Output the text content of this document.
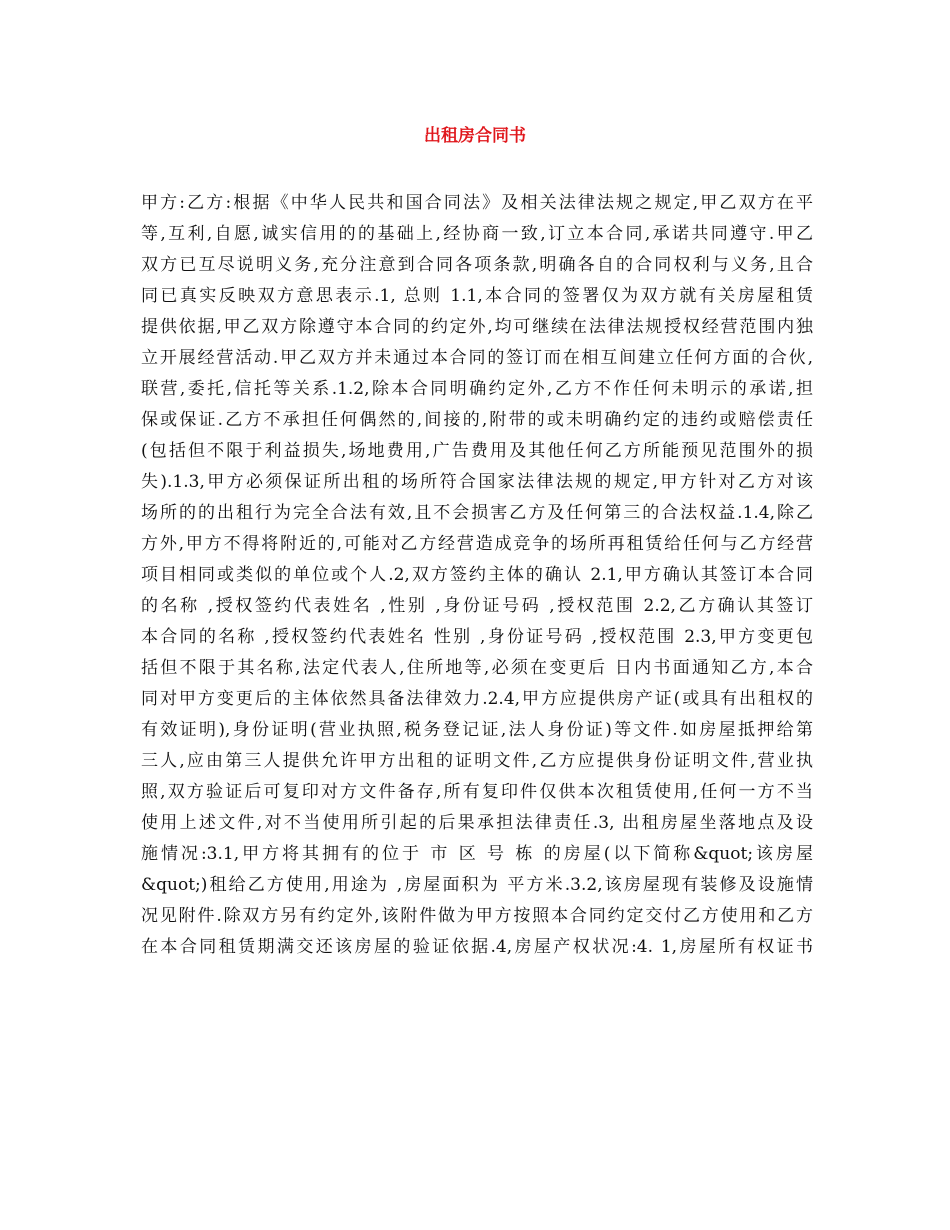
出租房合同书
甲方:乙方:根据《中华人民共和国合同法》及相关法律法规之规定,甲乙双方在平
等,互利,自愿,诚实信用的的基础上,经协商一致,订立本合同,承诺共同遵守.甲乙
双方已互尽说明义务,充分注意到合同各项条款,明确各自的合同权利与义务,且合
同已真实反映双方意思表示.1, 总则 1.1,本合同的签署仅为双方就有关房屋租赁
提供依据,甲乙双方除遵守本合同的约定外,均可继续在法律法规授权经营范围内独
立开展经营活动.甲乙双方并未通过本合同的签订而在相互间建立任何方面的合伙,
联营,委托,信托等关系.1.2,除本合同明确约定外,乙方不作任何未明示的承诺,担
保或保证.乙方不承担任何偶然的,间接的,附带的或未明确约定的违约或赔偿责任
(包括但不限于利益损失,场地费用,广告费用及其他任何乙方所能预见范围外的损
失).1.3,甲方必须保证所出租的场所符合国家法律法规的规定,甲方针对乙方对该
场所的的出租行为完全合法有效,且不会损害乙方及任何第三的合法权益.1.4,除乙
方外,甲方不得将附近的,可能对乙方经营造成竞争的场所再租赁给任何与乙方经营
项目相同或类似的单位或个人.2,双方签约主体的确认 2.1,甲方确认其签订本合同
的名称 ,授权签约代表姓名 ,性别 ,身份证号码 ,授权范围 2.2,乙方确认其签订
本合同的名称 ,授权签约代表姓名 性别 ,身份证号码 ,授权范围 2.3,甲方变更包
括但不限于其名称,法定代表人,住所地等,必须在变更后 日内书面通知乙方,本合
同对甲方变更后的主体依然具备法律效力.2.4,甲方应提供房产证(或具有出租权的
有效证明),身份证明(营业执照,税务登记证,法人身份证)等文件.如房屋抵押给第
三人,应由第三人提供允许甲方出租的证明文件,乙方应提供身份证明文件,营业执
照,双方验证后可复印对方文件备存,所有复印件仅供本次租赁使用,任何一方不当
使用上述文件,对不当使用所引起的后果承担法律责任.3, 出租房屋坐落地点及设
施情况:3.1,甲方将其拥有的位于 市 区 号 栋 的房屋(以下简称&quot;该房屋
&quot;)租给乙方使用,用途为 ,房屋面积为 平方米.3.2,该房屋现有装修及设施情
况见附件.除双方另有约定外,该附件做为甲方按照本合同约定交付乙方使用和乙方
在本合同租赁期满交还该房屋的验证依据.4,房屋产权状况:4. 1,房屋所有权证书
